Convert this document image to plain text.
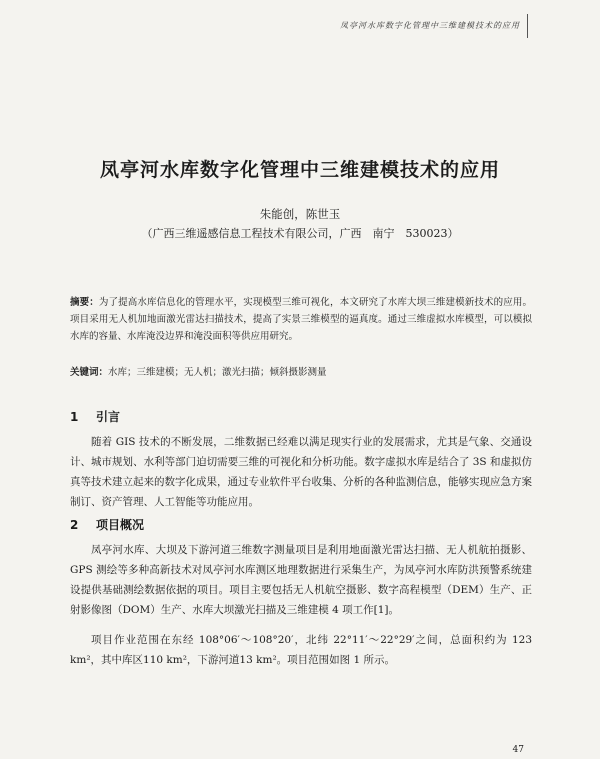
凤亭河水库数字化管理中三维建模技术的应用
凤亭河水库数字化管理中三维建模技术的应用
朱能创，陈世玉
（广西三维遥感信息工程技术有限公司，广西　南宁　530023）
摘要：为了提高水库信息化的管理水平，实现模型三维可视化，本文研究了水库大坝三维建模新技术的应用。项目采用无人机加地面激光雷达扫描技术，提高了实景三维模型的逼真度。通过三维虚拟水库模型，可以模拟水库的容量、水库淹没边界和淹没面积等供应用研究。
关键词：水库；三维建模；无人机；激光扫描；倾斜摄影测量
1 引言
随着 GIS 技术的不断发展，二维数据已经难以满足现实行业的发展需求，尤其是气象、交通设计、城市规划、水利等部门迫切需要三维的可视化和分析功能。数字虚拟水库是结合了 3S 和虚拟仿真等技术建立起来的数字化成果，通过专业软件平台收集、分析的各种监测信息，能够实现应急方案制订、资产管理、人工智能等功能应用。
2 项目概况
凤亭河水库、大坝及下游河道三维数字测量项目是利用地面激光雷达扫描、无人机航拍摄影、GPS 测绘等多种高新技术对凤亭河水库测区地理数据进行采集生产，为凤亭河水库防洪预警系统建设提供基础测绘数据依据的项目。项目主要包括无人机航空摄影、数字高程模型（DEM）生产、正射影像图（DOM）生产、水库大坝激光扫描及三维建模 4 项工作[1]。
项目作业范围在东经 108°06′～108°20′，北纬 22°11′～22°29′之间，总面积约为 123 km²，其中库区110 km²，下游河道13 km²。项目范围如图 1 所示。
47
